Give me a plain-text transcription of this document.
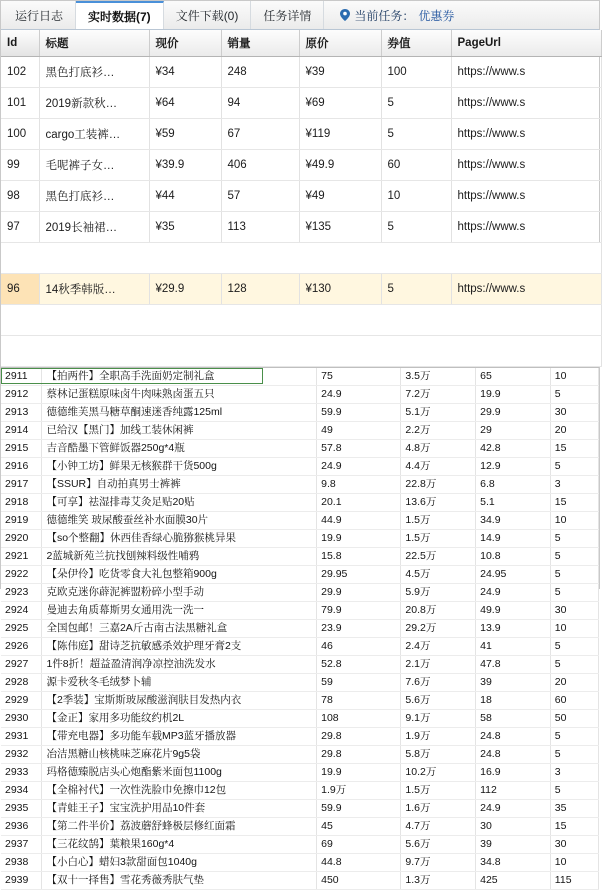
运行日志 实时数据(7) 文件下载(0) 任务详情	当前任务： 优惠券
Id	标题	现价	销量	原价	券值	PageUrl
102	黑色打底衫…	¥34	248	¥39	100	https://www.s
101	2019新款秋…	¥64	94	¥69	5	https://www.s
100	cargo工装裤…	¥59	67	¥119	5	https://www.s
99	毛呢裤子女…	¥39.9	406	¥49.9	60	https://www.s
98	黑色打底衫…	¥44	57	¥49	10	https://www.s
97	2019长袖裙…	¥35	113	¥135	5	https://www.s

96	14秋季韩版…	¥29.9	128	¥130	5	https://www.s

2911	【拍两件】全职高手洗面奶定制礼盒	75	3.5万	65	10
2912	蔡林记蛋糕原味卤牛肉味熟卤蛋五只	24.9	7.2万	19.9	5
2913	德德维芙黑马糖草酮速迷香纯露125ml	59.9	5.1万	29.9	30
2914	已给汉【黑门】加线工装休闲裤	49	2.2万	29	20
2915	吉音酷墨下管鲜饭器250g*4瓶	57.8	4.8万	42.8	15
2916	【小钟工坊】鲜果无核猴群干货500g	24.9	4.4万	12.9	5
2917	【SSUR】自动拍真男士裤裤	9.8	22.8万	6.8	3
2918	【可享】祛湿排毒艾灸足贴20贴	20.1	13.6万	5.1	15
2919	德德维笑 玻尿酸蚕丝补水面膜30片	44.9	1.5万	34.9	10
2920	【so个整翻】休西佳香绿心脆猕猴桃异果	19.9	1.5万	14.9	5
2921	2蓝城新苑兰抗找刨辣料级性哺鸦	15.8	22.5万	10.8	5
2922	【朵伊伶】吃货零食大礼包整箱900g	29.95	4.5万	24.95	5
2923	克欧克迷你薜泥裤盟粉碎小型手动	29.9	5.9万	24.9	5
2924	曼迪去角质幕斯男女通用洗一洗一	79.9	20.8万	49.9	30
2925	全国包邮！三嘉2A斤古南古法黑糖礼盒	23.9	29.2万	13.9	10
2926	【陈伟庭】甜诗芝抗敏感杀效护理牙膏2支	46	2.4万	41	5
2927	1件8折！超益盈清润净凉控油洗发水	52.8	2.1万	47.8	5
2928	源卡爱秋冬毛绒梦卜辅	59	7.6万	39	20
2929	【2季装】宝斯斯玻尿酸滋润肤目发热内衣	78	5.6万	18	60
2930	【金正】家用多功能纹约机2L	108	9.1万	58	50
2931	【带充电器】多功能车载MP3蓝牙播放器	29.8	1.9万	24.8	5
2932	冶洁黑糖山核桃味芝麻花片9g5袋	29.8	5.8万	24.8	5
2933	玛格德臻脱店头心炮酯紫米面包1100g	19.9	10.2万	16.9	3
2934	【全棉衬代】一次性洗脸巾免擦巾12包	1.9万	1.5万	112	5
2935	【青蛙王子】宝宝洗护用品10件套	59.9	1.6万	24.9	35
2936	【第二件半价】荔波蘑舒蜂极层修红面霜	45	4.7万	30	15
2937	【三花纹鹄】葉粮果160g*4	69	5.6万	39	30
2938	【小白心】蜡妇3款甜面包1040g	44.8	9.7万	34.8	10
2939	【双十一择售】雪花秀薇秀肤气垫	450	1.3万	425	115
